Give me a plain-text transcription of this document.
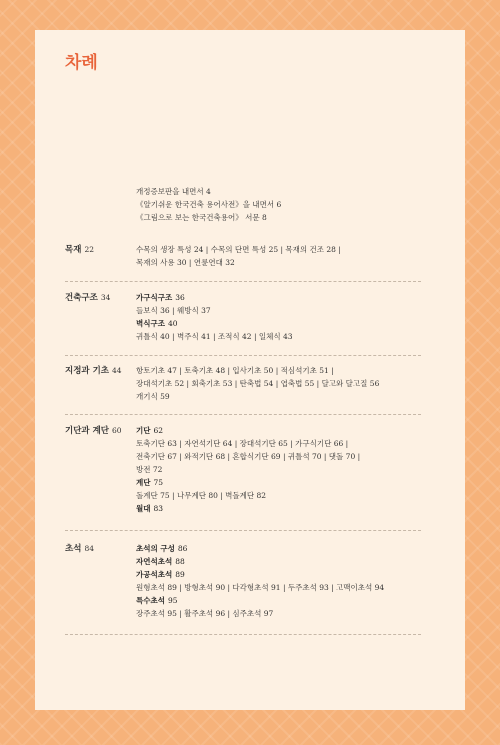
차례
개정증보판을 내면서 4
《알기쉬운 한국건축 용어사전》을 내면서 6
《그림으로 보는 한국건축용어》 서문 8
목재 22	수목의 생장 특성 24 | 수목의 단면 특성 25 | 목재의 건조 28 |
목재의 사용 30 | 연륜연대 32
건축구조 34	가구식구조 36
들보식 36 | 웨방식 37
벽식구조 40
귀틀식 40 | 벽주식 41 | 조적식 42 | 일체식 43
지정과 기초 44 항토기초 47 | 토축기초 48 | 입사기초 50 | 적심석기초 51 |
장대석기초 52 | 회축기초 53 | 탄축법 54 | 엽축법 55 | 달고와 달고질 56
개기식 59
기단과 계단 60 기단 62
토축기단 63 | 자연석기단 64 | 장대석기단 65 | 가구식기단 66 |
전축기단 67 | 와적기단 68 | 혼합식기단 69 | 귀틀석 70 | 댓돌 70 |
방전 72
계단 75
돌계단 75 | 나무계단 80 | 벽돌계단 82
월대 83
초석 84	초석의 구성 86
자연석초석 88
가공석초석 89
원형초석 89 | 방형초석 90 | 다각형초석 91 | 두주초석 93 | 고맥이초석 94
특수초석 95
장주초석 95 | 활주초석 96 | 심주초석 97
